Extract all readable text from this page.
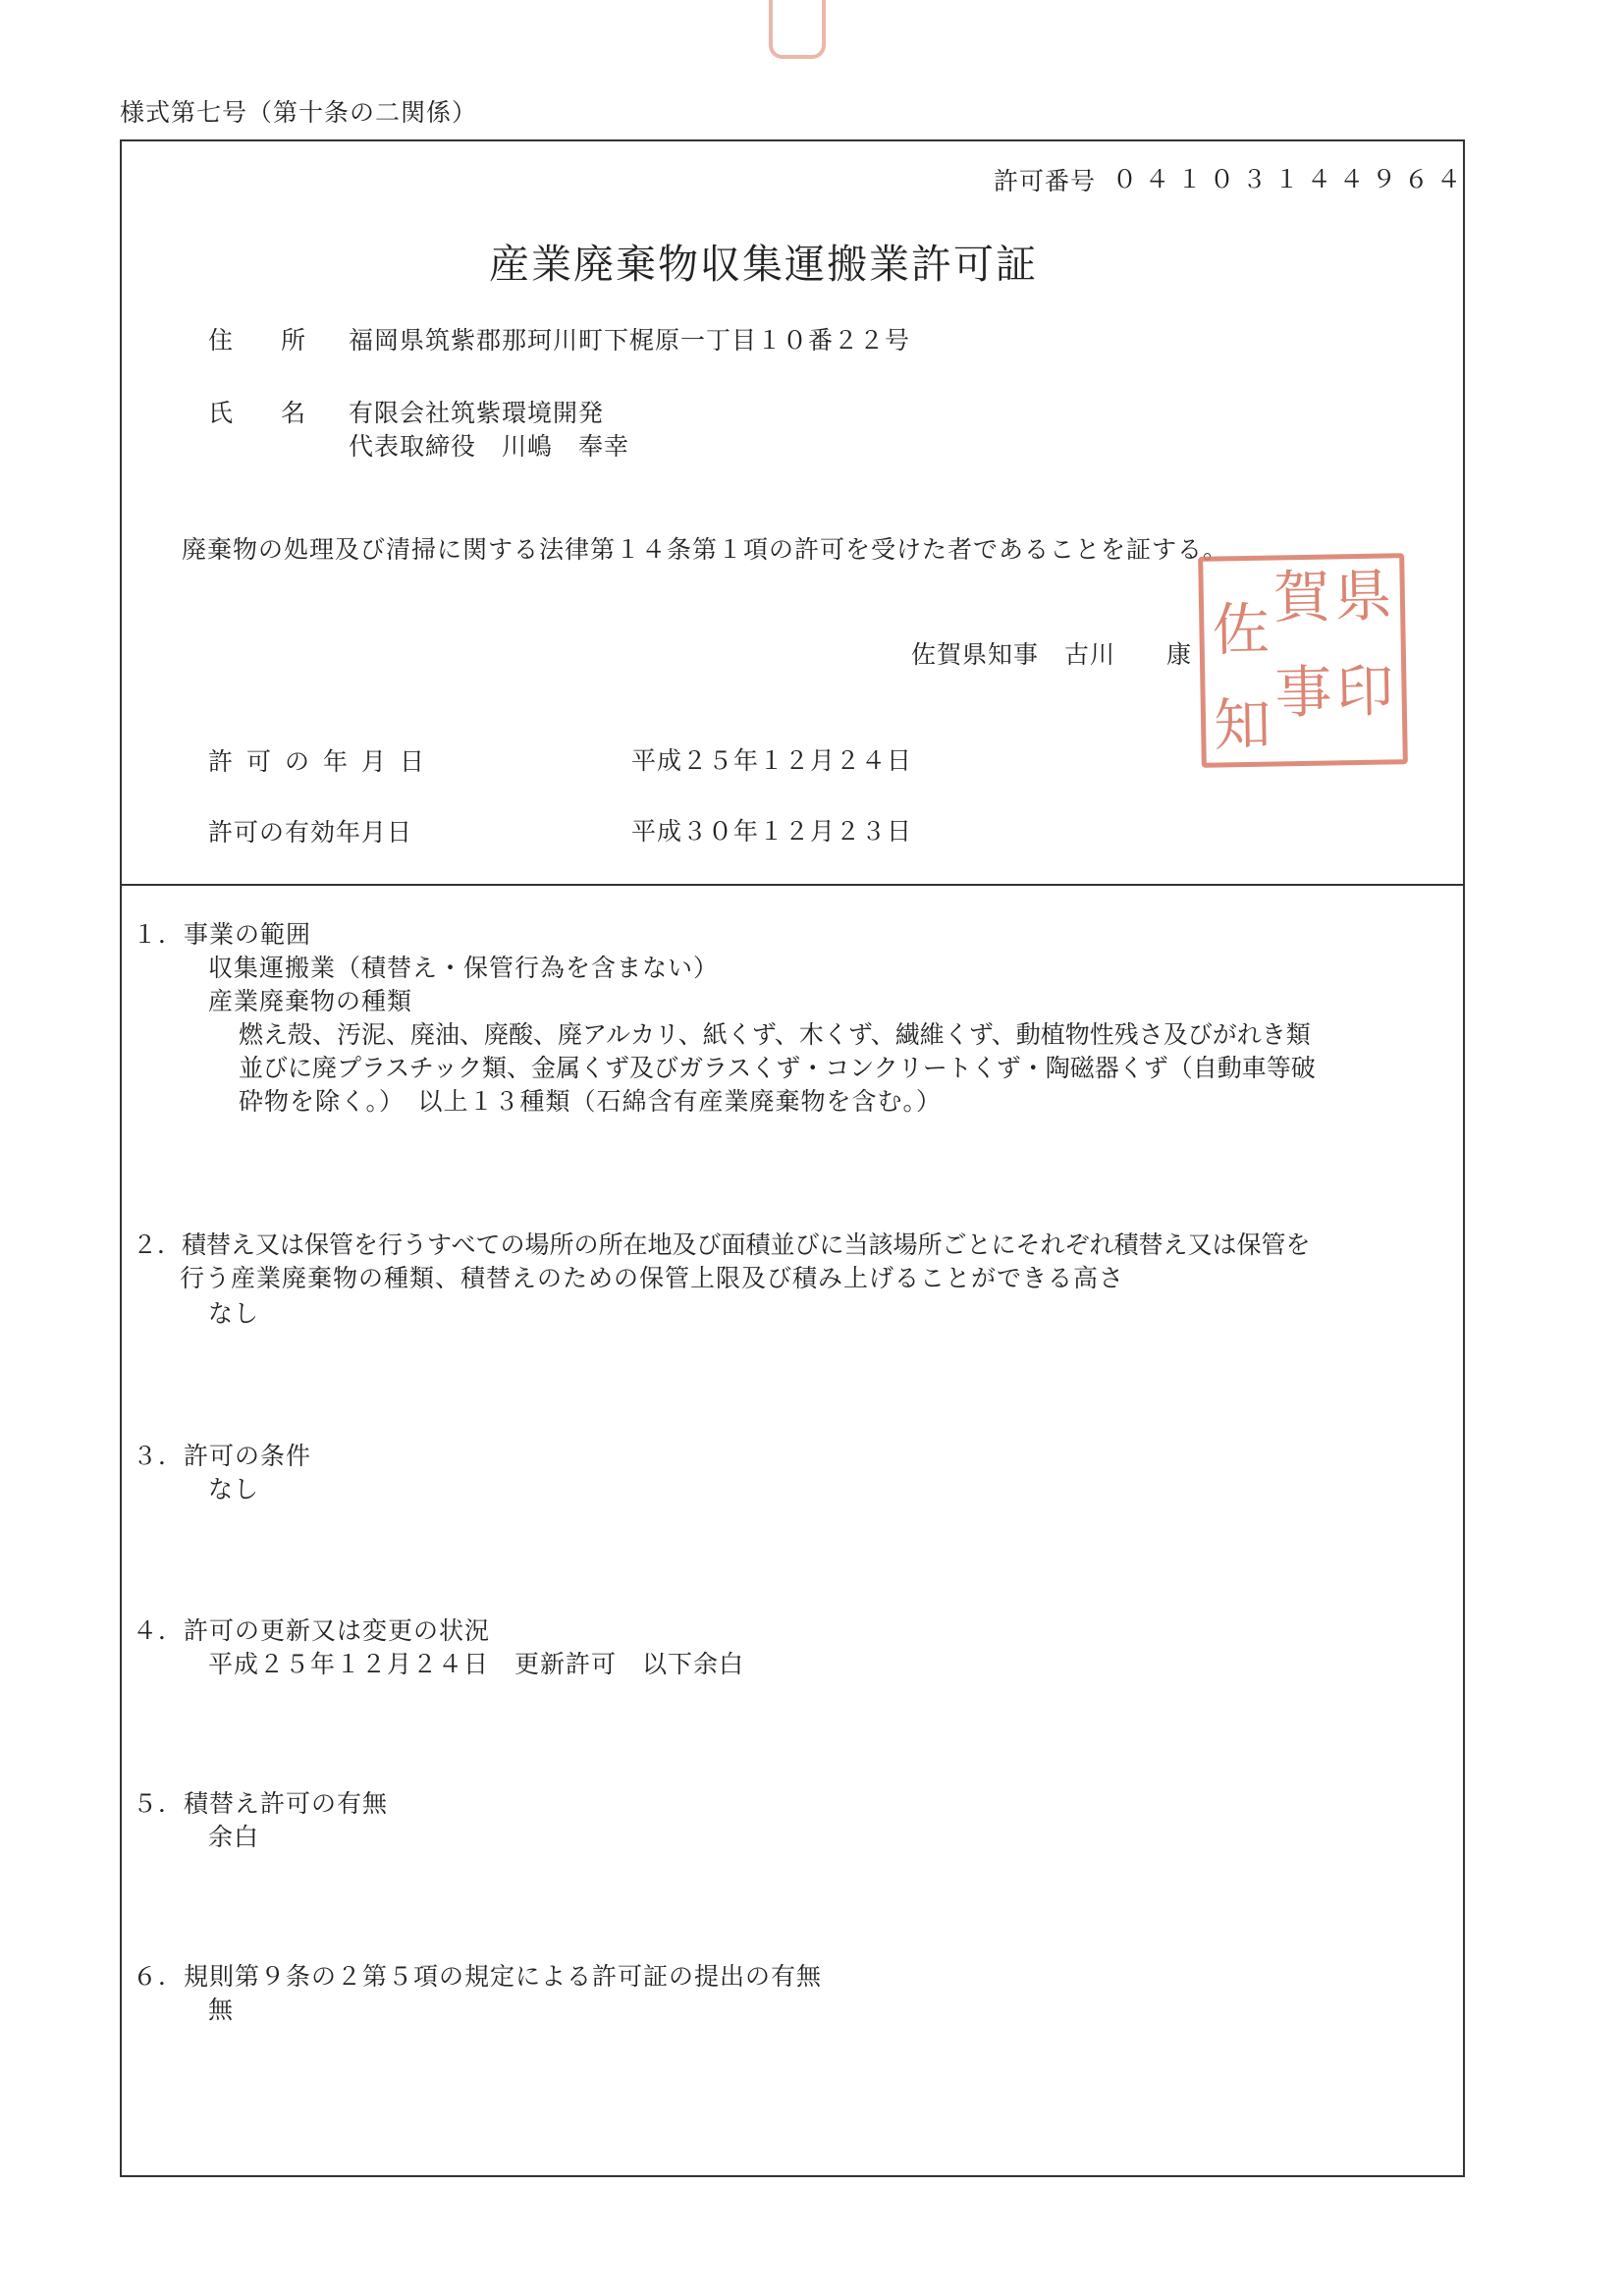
様式第七号（第十条の二関係）
許可番号 ０４１０３１４４９６４
産業廃棄物収集運搬業許可証
住　所 福岡県筑紫郡那珂川町下梶原一丁目１０番２２号
氏　名 有限会社筑紫環境開発
代表取締役　川嶋　奉幸
廃棄物の処理及び清掃に関する法律第１４条第１項の許可を受けた者であることを証する。
佐賀県知事　古川　　康 佐 賀 県
知 事 印
許可の年月日	平成２５年１２月２４日
許可の有効年月日	平成３０年１２月２３日
１．事業の範囲
収集運搬業（積替え・保管行為を含まない）
産業廃棄物の種類
燃え殻、汚泥、廃油、廃酸、廃アルカリ、紙くず、木くず、繊維くず、動植物性残さ及びがれき類
並びに廃プラスチック類、金属くず及びガラスくず・コンクリートくず・陶磁器くず（自動車等破
砕物を除く。）　以上１３種類（石綿含有産業廃棄物を含む。）
２．積替え又は保管を行うすべての場所の所在地及び面積並びに当該場所ごとにそれぞれ積替え又は保管を
行う産業廃棄物の種類、積替えのための保管上限及び積み上げることができる高さ
なし
３．許可の条件
なし
４．許可の更新又は変更の状況
平成２５年１２月２４日　更新許可　以下余白
５．積替え許可の有無
余白
６．規則第９条の２第５項の規定による許可証の提出の有無
無
